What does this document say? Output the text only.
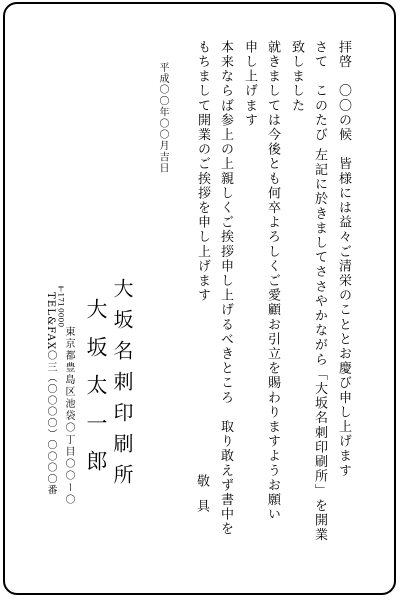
拝啓　〇〇の候　皆様には益々ご清栄のこととお慶び申し上げます
さて　このたび 左記に於きましてささやかながら「大坂名刺印刷所」を開業
致しました
就きましては今後とも何卒よろしくご愛顧お引立を賜わりますようお願い
申し上げます
本来ならば参上の上親しくご挨拶申し上げるべきところ　取り敢えず書中を
もちまして開業のご挨拶を申し上げます
敬具
平成〇〇年〇〇月吉日
大坂名刺印刷所
大坂太一郎
〒171
0000
東京都豊島区池袋〇丁目〇〇ー〇
TEL&FAX〇三（〇〇〇〇）〇〇〇〇番
